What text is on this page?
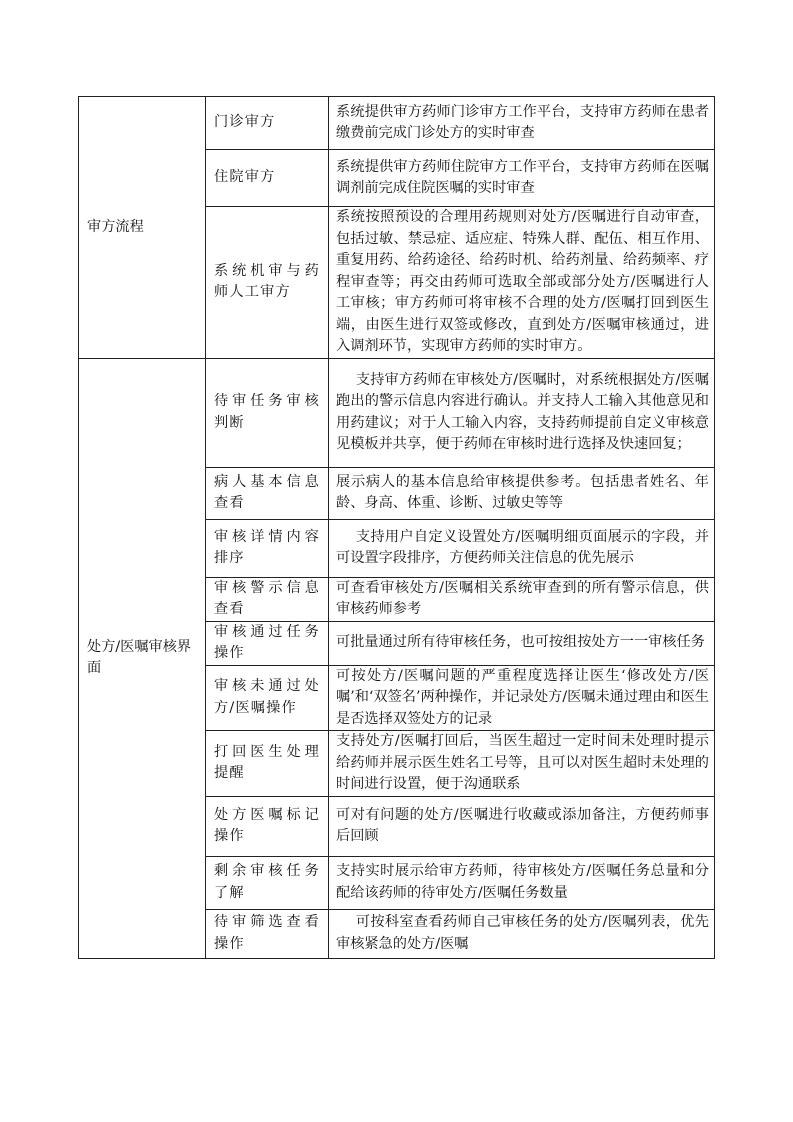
审方流程	门诊审方	系统提供审方药师门诊审方工作平台，支持审方药师在患者缴费前完成门诊处方的实时审查
	住院审方	系统提供审方药师住院审方工作平台，支持审方药师在医嘱调剂前完成住院医嘱的实时审查
	系统机审与药师人工审方	系统按照预设的合理用药规则对处方/医嘱进行自动审查，包括过敏、禁忌症、适应症、特殊人群、配伍、相互作用、重复用药、给药途径、给药时机、给药剂量、给药频率、疗程审查等；再交由药师可选取全部或部分处方/医嘱进行人工审核；审方药师可将审核不合理的处方/医嘱打回到医生端，由医生进行双签或修改，直到处方/医嘱审核通过，进入调剂环节，实现审方药师的实时审方。
处方/医嘱审核界面	待审任务审核判断	支持审方药师在审核处方/医嘱时，对系统根据处方/医嘱跑出的警示信息内容进行确认。并支持人工输入其他意见和用药建议；对于人工输入内容，支持药师提前自定义审核意见模板并共享，便于药师在审核时进行选择及快速回复；
	病人基本信息查看	展示病人的基本信息给审核提供参考。包括患者姓名、年龄、身高、体重、诊断、过敏史等等
	审核详情内容排序	支持用户自定义设置处方/医嘱明细页面展示的字段，并可设置字段排序，方便药师关注信息的优先展示
	审核警示信息查看	可查看审核处方/医嘱相关系统审查到的所有警示信息，供审核药师参考
	审核通过任务操作	可批量通过所有待审核任务，也可按组按处方一一审核任务
	审核未通过处方/医嘱操作	可按处方/医嘱问题的严重程度选择让医生‘修改处方/医嘱’和‘双签名’两种操作，并记录处方/医嘱未通过理由和医生是否选择双签处方的记录
	打回医生处理提醒	支持处方/医嘱打回后，当医生超过一定时间未处理时提示给药师并展示医生姓名工号等，且可以对医生超时未处理的时间进行设置，便于沟通联系
	处方医嘱标记操作	可对有问题的处方/医嘱进行收藏或添加备注，方便药师事后回顾
	剩余审核任务了解	支持实时展示给审方药师，待审核处方/医嘱任务总量和分配给该药师的待审处方/医嘱任务数量
	待审筛选查看操作	可按科室查看药师自己审核任务的处方/医嘱列表，优先审核紧急的处方/医嘱
